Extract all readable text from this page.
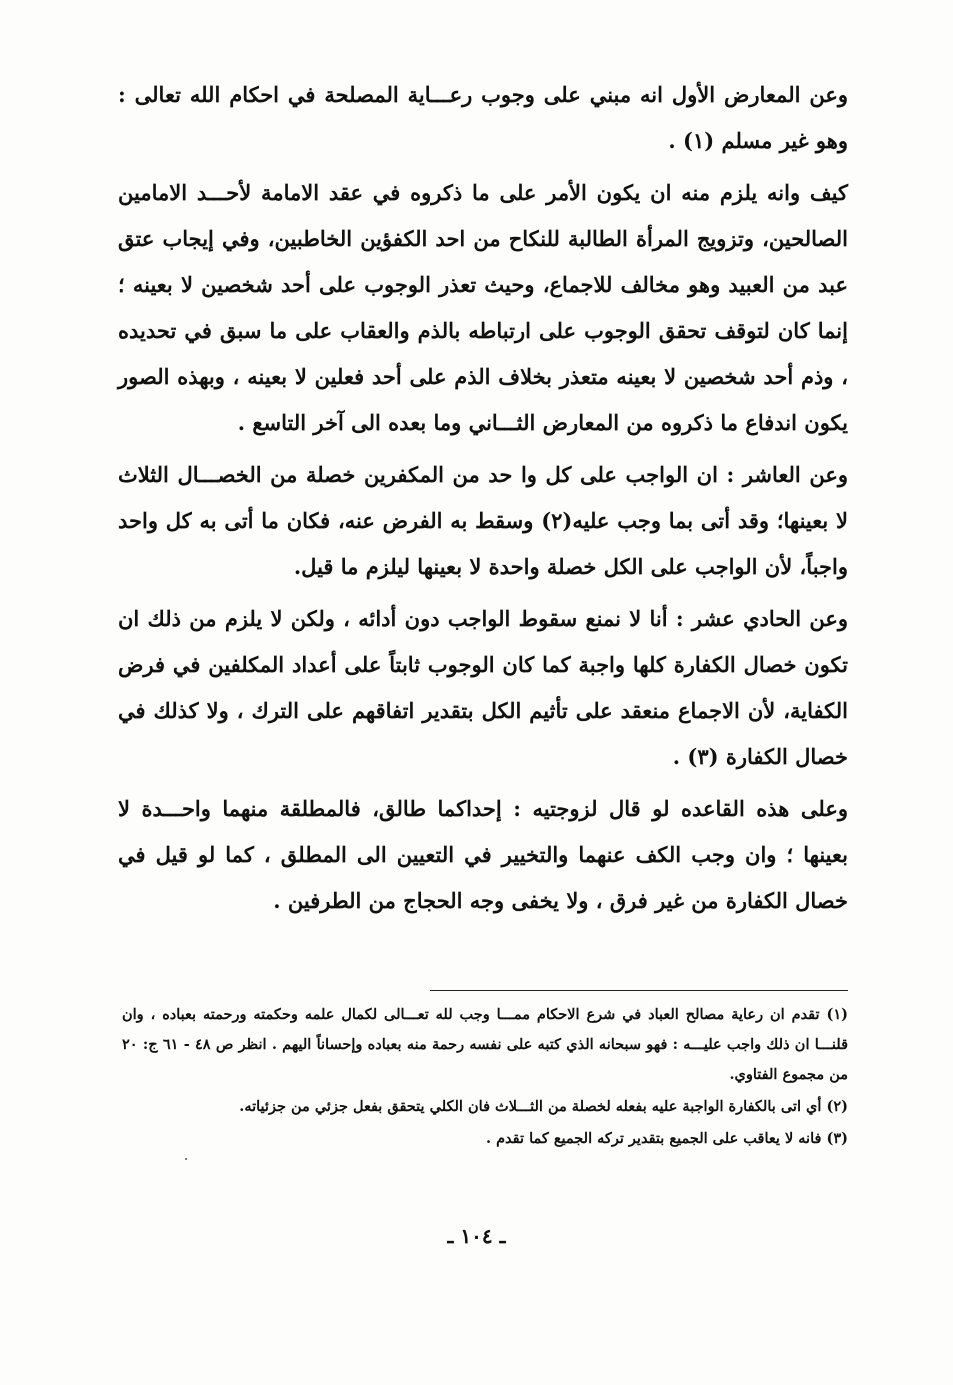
وعن المعارض الأول انه مبني على وجوب رعـــاية المصلحة في احكام الله تعالى : وهو غير مسلم (١) .

كيف وانه يلزم منه ان يكون الأمر على ما ذكروه في عقد الامامة لأحـــد الامامين الصالحين، وتزويج المرأة الطالبة للنكاح من احد الكفؤين الخاطبين، وفي إيجاب عتق عبد من العبيد وهو مخالف للاجماع، وحيث تعذر الوجوب على أحد شخصين لا بعينه ؛ إنما كان لتوقف تحقق الوجوب على ارتباطه بالذم والعقاب على ما سبق في تحديده ، وذم أحد شخصين لا بعينه متعذر بخلاف الذم على أحد فعلين لا بعينه ، وبهذه الصور يكون اندفاع ما ذكروه من المعارض الثـــاني وما بعده الى آخر التاسع .

وعن العاشر : ان الواجب على كل وا حد من المكفرين خصلة من الخصـــال الثلاث لا بعينها؛ وقد أتى بما وجب عليه(٢) وسقط به الفرض عنه، فكان ما أتى به كل واحد واجباً، لأن الواجب على الكل خصلة واحدة لا بعينها ليلزم ما قيل.

وعن الحادي عشر : أنا لا نمنع سقوط الواجب دون أدائه ، ولكن لا يلزم من ذلك ان تكون خصال الكفارة كلها واجبة كما كان الوجوب ثابتاً على أعداد المكلفين في فرض الكفاية، لأن الاجماع منعقد على تأثيم الكل بتقدير اتفاقهم على الترك ، ولا كذلك في خصال الكفارة (٣) .

وعلى هذه القاعده لو قال لزوجتيه : إحداكما طالق، فالمطلقة منهما واحـــدة لا بعينها ؛ وان وجب الكف عنهما والتخيير في التعيين الى المطلق ، كما لو قيل في خصال الكفارة من غير فرق ، ولا يخفى وجه الحجاج من الطرفين .

(١) تقدم ان رعاية مصالح العباد في شرع الاحكام ممـــا وجب لله تعـــالى لكمال علمه وحكمته ورحمته بعباده ، وان قلنـــا ان ذلك واجب عليـــه : فهو سبحانه الذي كتبه على نفسه رحمة منه بعباده وإحساناً اليهم . انظر ص ٤٨ - ٦١ ج: ٢٠ من مجموع الفتاوي.

(٢) أي اتى بالكفارة الواجبة عليه بفعله لخصلة من الثـــلاث فان الكلي يتحقق بفعل جزئي من جزئياته.

(٣) فانه لا يعاقب على الجميع بتقدير تركه الجميع كما تقدم .

ـ ١٠٤ ـ
